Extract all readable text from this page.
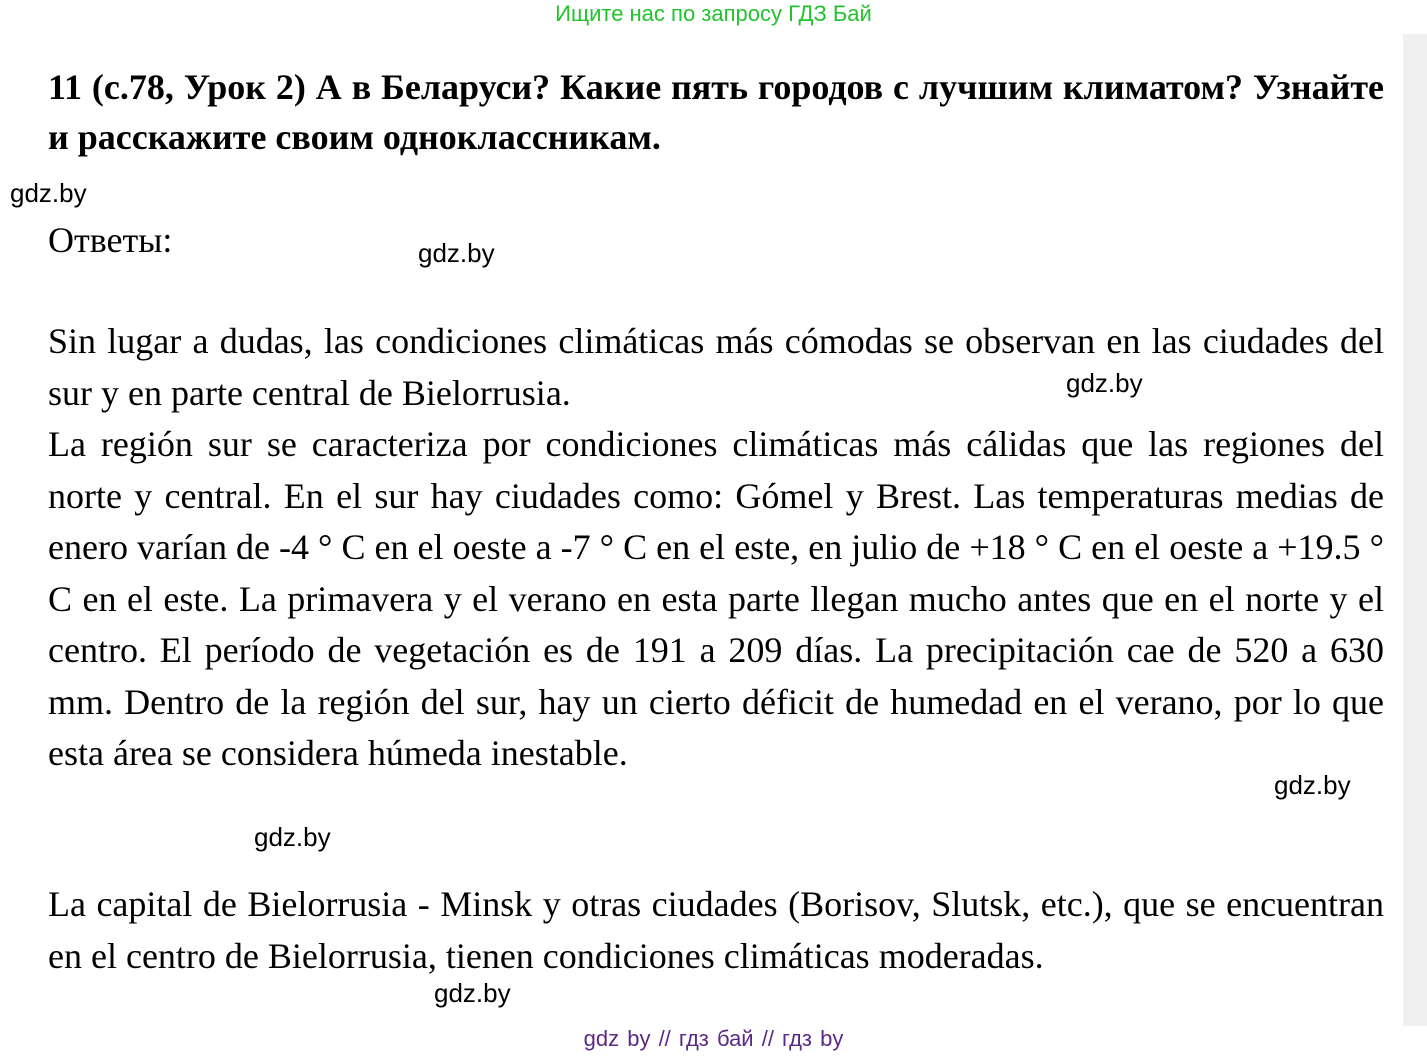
Ищите нас по запросу ГДЗ Бай
11 (с.78, Урок 2) А в Беларуси? Какие пять городов с лучшим климатом? Узнайте и расскажите своим одноклассникам.
gdz.by
Ответы:	gdz.by
Sin lugar a dudas, las condiciones climáticas más cómodas se observan en las ciudades del sur y en parte central de Bielorrusia.	gdz.by
La región sur se caracteriza por condiciones climáticas más cálidas que las regiones del norte y central. En el sur hay ciudades como: Gómel y Brest. Las temperaturas medias de enero varían de -4 ° C en el oeste a -7 ° C en el este, en julio de +18 ° C en el oeste a +19.5 ° C en el este. La primavera y el verano en esta parte llegan mucho antes que en el norte y el centro. El período de vegetación es de 191 a 209 días. La precipitación cae de 520 a 630 mm. Dentro de la región del sur, hay un cierto déficit de humedad en el verano, por lo que esta área se considera húmeda inestable.
gdz.by
gdz.by
La capital de Bielorrusia - Minsk y otras ciudades (Borisov, Slutsk, etc.), que se encuentran en el centro de Bielorrusia, tienen condiciones climáticas moderadas.
gdz.by
gdz by // гдз бай // гдз by
